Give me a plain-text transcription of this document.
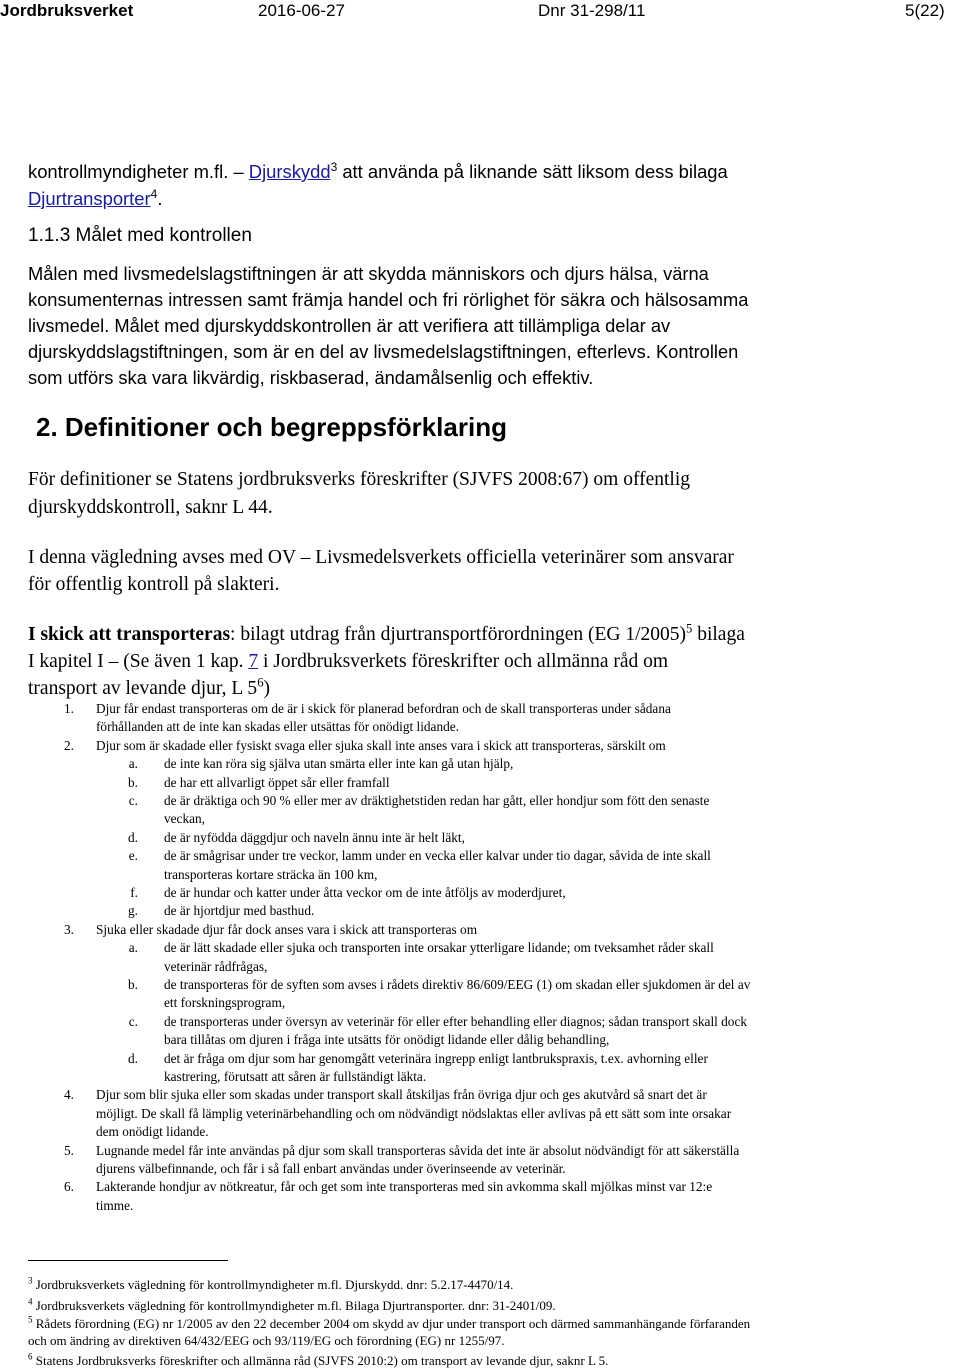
Jordbruksverket	2016-06-27	Dnr 31-298/11	5(22)
kontrollmyndigheter m.fl. – Djurskydd$^3$ att använda på liknande sätt liksom dess bilaga
Djurtransporter$^4$.
1.1.3 Målet med kontrollen
Målen med livsmedelslagstiftningen är att skydda människors och djurs hälsa, värna
konsumenternas intressen samt främja handel och fri rörlighet för säkra och hälsosamma
livsmedel. Målet med djurskyddskontrollen är att verifiera att tillämpliga delar av
djurskyddslagstiftningen, som är en del av livsmedelslagstiftningen, efterlevs. Kontrollen
som utförs ska vara likvärdig, riskbaserad, ändamålsenlig och effektiv.
2. Definitioner och begreppsförklaring
För definitioner se Statens jordbruksverks föreskrifter (SJVFS 2008:67) om offentlig
djurskyddskontroll, saknr L 44.
I denna vägledning avses med OV – Livsmedelsverkets officiella veterinärer som ansvarar
för offentlig kontroll på slakteri.
I skick att transporteras: bilagt utdrag från djurtransportförordningen (EG 1/2005)$^5$ bilaga
I kapitel I – (Se även 1 kap. 7 i Jordbruksverkets föreskrifter och allmänna råd om
transport av levande djur, L $5^6$)
1. Djur får endast transporteras om de är i skick för planerad befordran och de skall transporteras under sådana
förhållanden att de inte kan skadas eller utsättas för onödigt lidande.
2. Djur som är skadade eller fysiskt svaga eller sjuka skall inte anses vara i skick att transporteras, särskilt om
a. de inte kan röra sig själva utan smärta eller inte kan gå utan hjälp,
b. de har ett allvarligt öppet sår eller framfall
c. de är dräktiga och 90 % eller mer av dräktighetstiden redan har gått, eller hondjur som fött den senaste
veckan,
d. de är nyfödda däggdjur och naveln ännu inte är helt läkt,
e. de är smågrisar under tre veckor, lamm under en vecka eller kalvar under tio dagar, såvida de inte skall
transporteras kortare sträcka än 100 km,
f. de är hundar och katter under åtta veckor om de inte åtföljs av moderdjuret,
g. de är hjortdjur med basthud.
3. Sjuka eller skadade djur får dock anses vara i skick att transporteras om
a. de är lätt skadade eller sjuka och transporten inte orsakar ytterligare lidande; om tveksamhet råder skall
veterinär rådfrågas,
b. de transporteras för de syften som avses i rådets direktiv 86/609/EEG (1) om skadan eller sjukdomen är del av
ett forskningsprogram,
c. de transporteras under översyn av veterinär för eller efter behandling eller diagnos; sådan transport skall dock
bara tillåtas om djuren i fråga inte utsätts för onödigt lidande eller dålig behandling,
d. det är fråga om djur som har genomgått veterinära ingrepp enligt lantbrukspraxis, t.ex. avhorning eller
kastrering, förutsatt att såren är fullständigt läkta.
4. Djur som blir sjuka eller som skadas under transport skall åtskiljas från övriga djur och ges akutvård så snart det är
möjligt. De skall få lämplig veterinärbehandling och om nödvändigt nödslaktas eller avlivas på ett sätt som inte orsakar
dem onödigt lidande.
5. Lugnande medel får inte användas på djur som skall transporteras såvida det inte är absolut nödvändigt för att säkerställa
djurens välbefinnande, och får i så fall enbart användas under överinseende av veterinär.
6. Lakterande hondjur av nötkreatur, får och get som inte transporteras med sin avkomma skall mjölkas minst var 12:e
timme.
$^3$ Jordbruksverkets vägledning för kontrollmyndigheter m.fl. Djurskydd. dnr: 5.2.17-4470/14.
$^4$ Jordbruksverkets vägledning för kontrollmyndigheter m.fl. Bilaga Djurtransporter. dnr: 31-2401/09.
$^5$ Rådets förordning (EG) nr 1/2005 av den 22 december 2004 om skydd av djur under transport och därmed sammanhängande förfaranden
och om ändring av direktiven 64/432/EEG och 93/119/EG och förordning (EG) nr 1255/97.
$^6$ Statens Jordbruksverks föreskrifter och allmänna råd (SJVFS 2010:2) om transport av levande djur, saknr L 5.
